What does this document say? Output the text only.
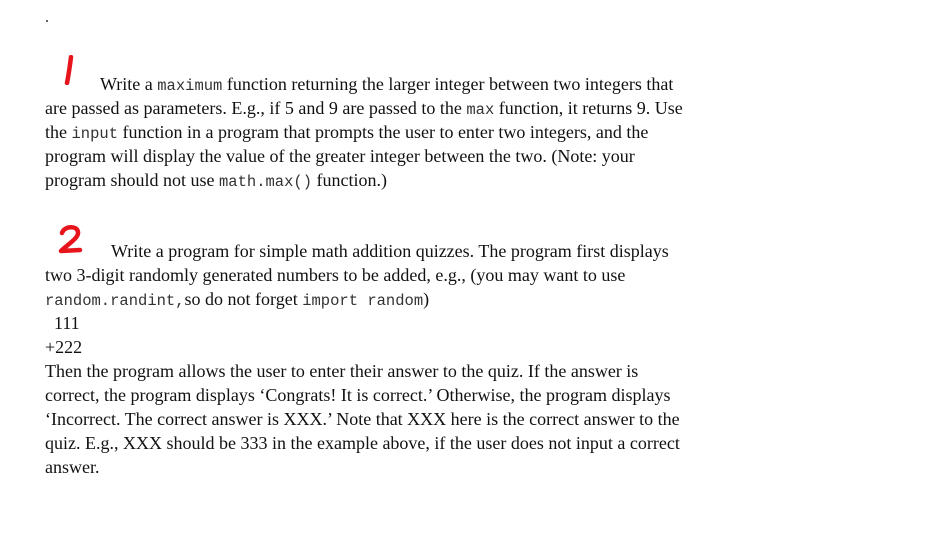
Write a maximum function returning the larger integer between two integers that
are passed as parameters. E.g., if 5 and 9 are passed to the max function, it returns 9. Use
the input function in a program that prompts the user to enter two integers, and the
program will display the value of the greater integer between the two. (Note: your
program should not use math.max() function.)
Write a program for simple math addition quizzes. The program first displays
two 3-digit randomly generated numbers to be added, e.g., (you may want to use
random.randint,so do not forget import random)
111
+222
Then the program allows the user to enter their answer to the quiz. If the answer is
correct, the program displays ‘Congrats! It is correct.’ Otherwise, the program displays
‘Incorrect. The correct answer is XXX.’ Note that XXX here is the correct answer to the
quiz. E.g., XXX should be 333 in the example above, if the user does not input a correct
answer.
